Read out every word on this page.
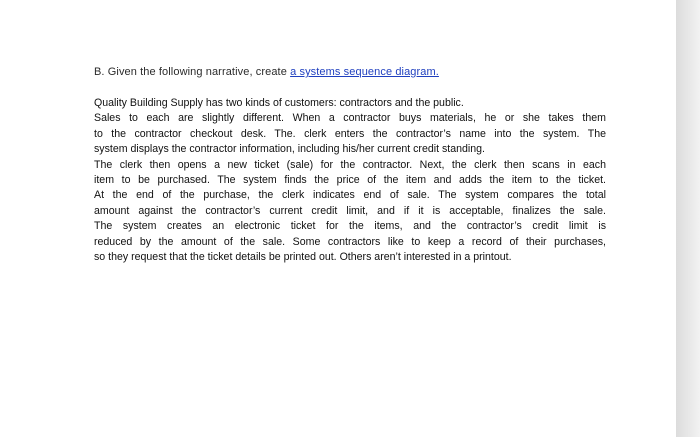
B. Given the following narrative, create a systems sequence diagram.
Quality Building Supply has two kinds of customers: contractors and the public.
Sales to each are slightly different. When a contractor buys materials, he or she takes them
to the contractor checkout desk. The. clerk enters the contractor’s name into the system. The
system displays the contractor information, including his/her current credit standing.
The clerk then opens a new ticket (sale) for the contractor. Next, the clerk then scans in each
item to be purchased. The system finds the price of the item and adds the item to the ticket.
At the end of the purchase, the clerk indicates end of sale. The system compares the total
amount against the contractor’s current credit limit, and if it is acceptable, finalizes the sale.
The system creates an electronic ticket for the items, and the contractor’s credit limit is
reduced by the amount of the sale. Some contractors like to keep a record of their purchases,
so they request that the ticket details be printed out. Others aren’t interested in a printout.
